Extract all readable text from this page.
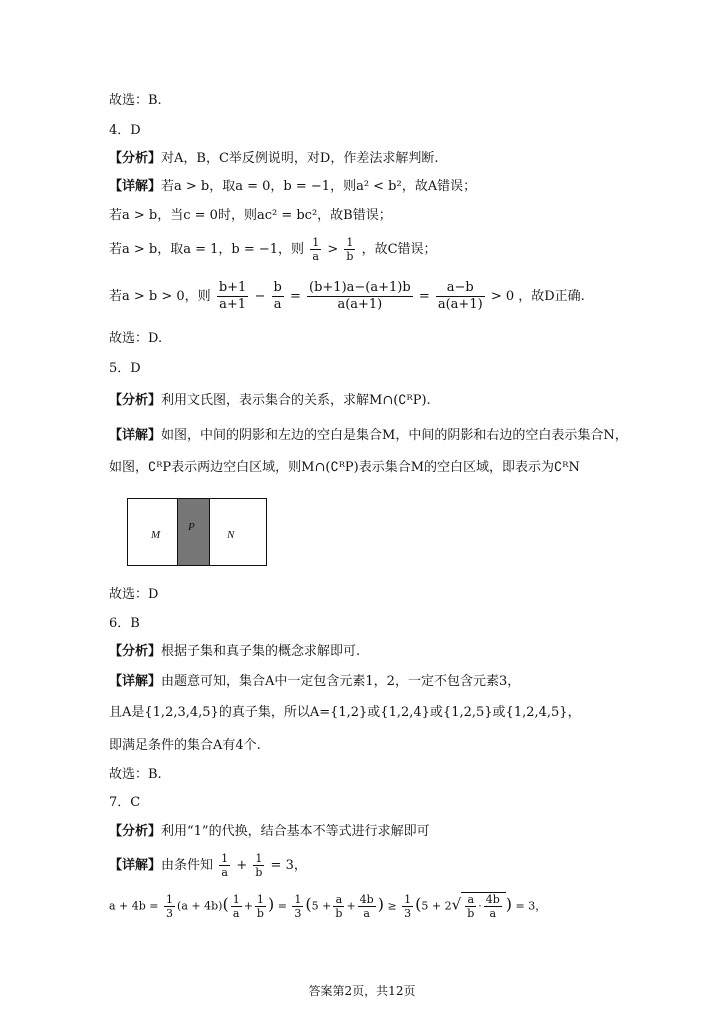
故选：B.
4．D
【分析】对A，B，C举反例说明，对D，作差法求解判断.
【详解】若a > b，取a = 0，b = −1，则a² < b²，故A错误；
若a > b，当c = 0时，则ac² = bc²，故B错误；
若a > b，取a = 1，b = −1，则 $\frac{1}{a} > \frac{1}{b}$ ，故C错误；
若a > b > 0，则 $\frac{b+1}{a+1} - \frac{b}{a} = \frac{(b+1)a-(a+1)b}{a(a+1)} = \frac{a-b}{a(a+1)} > 0$ ，故D正确.
故选：D.
5．D
【分析】利用文氏图，表示集合的关系，求解M∩(∁ᴿP).
【详解】如图，中间的阴影和左边的空白是集合M，中间的阴影和右边的空白表示集合N，
如图，∁ᴿP表示两边空白区域，则M∩(∁ᴿP)表示集合M的空白区域，即表示为∁ᴿN
M
P
N
故选：D
6．B
【分析】根据子集和真子集的概念求解即可.
【详解】由题意可知，集合A中一定包含元素1，2，一定不包含元素3，
且A是{1,2,3,4,5}的真子集，所以A={1,2}或{1,2,4}或{1,2,5}或{1,2,4,5}，
即满足条件的集合A有4个.
故选：B.
7．C
【分析】利用“1”的代换，结合基本不等式进行求解即可
【详解】由条件知 $\frac{1}{a} + \frac{1}{b} = 3$，
$a + 4b = \frac{1}{3} (a + 4b)( \frac{1}{a} + \frac{1}{b}$ ) = $\frac{1}{3} (5 + \frac{a}{b} + \frac{4b}{a}$ ) ≥ $\frac{1}{3} (5 + 2√ \frac{a}{b} \cdot \frac{4b}{a}$ ) = 3，
答案第2页，共12页
